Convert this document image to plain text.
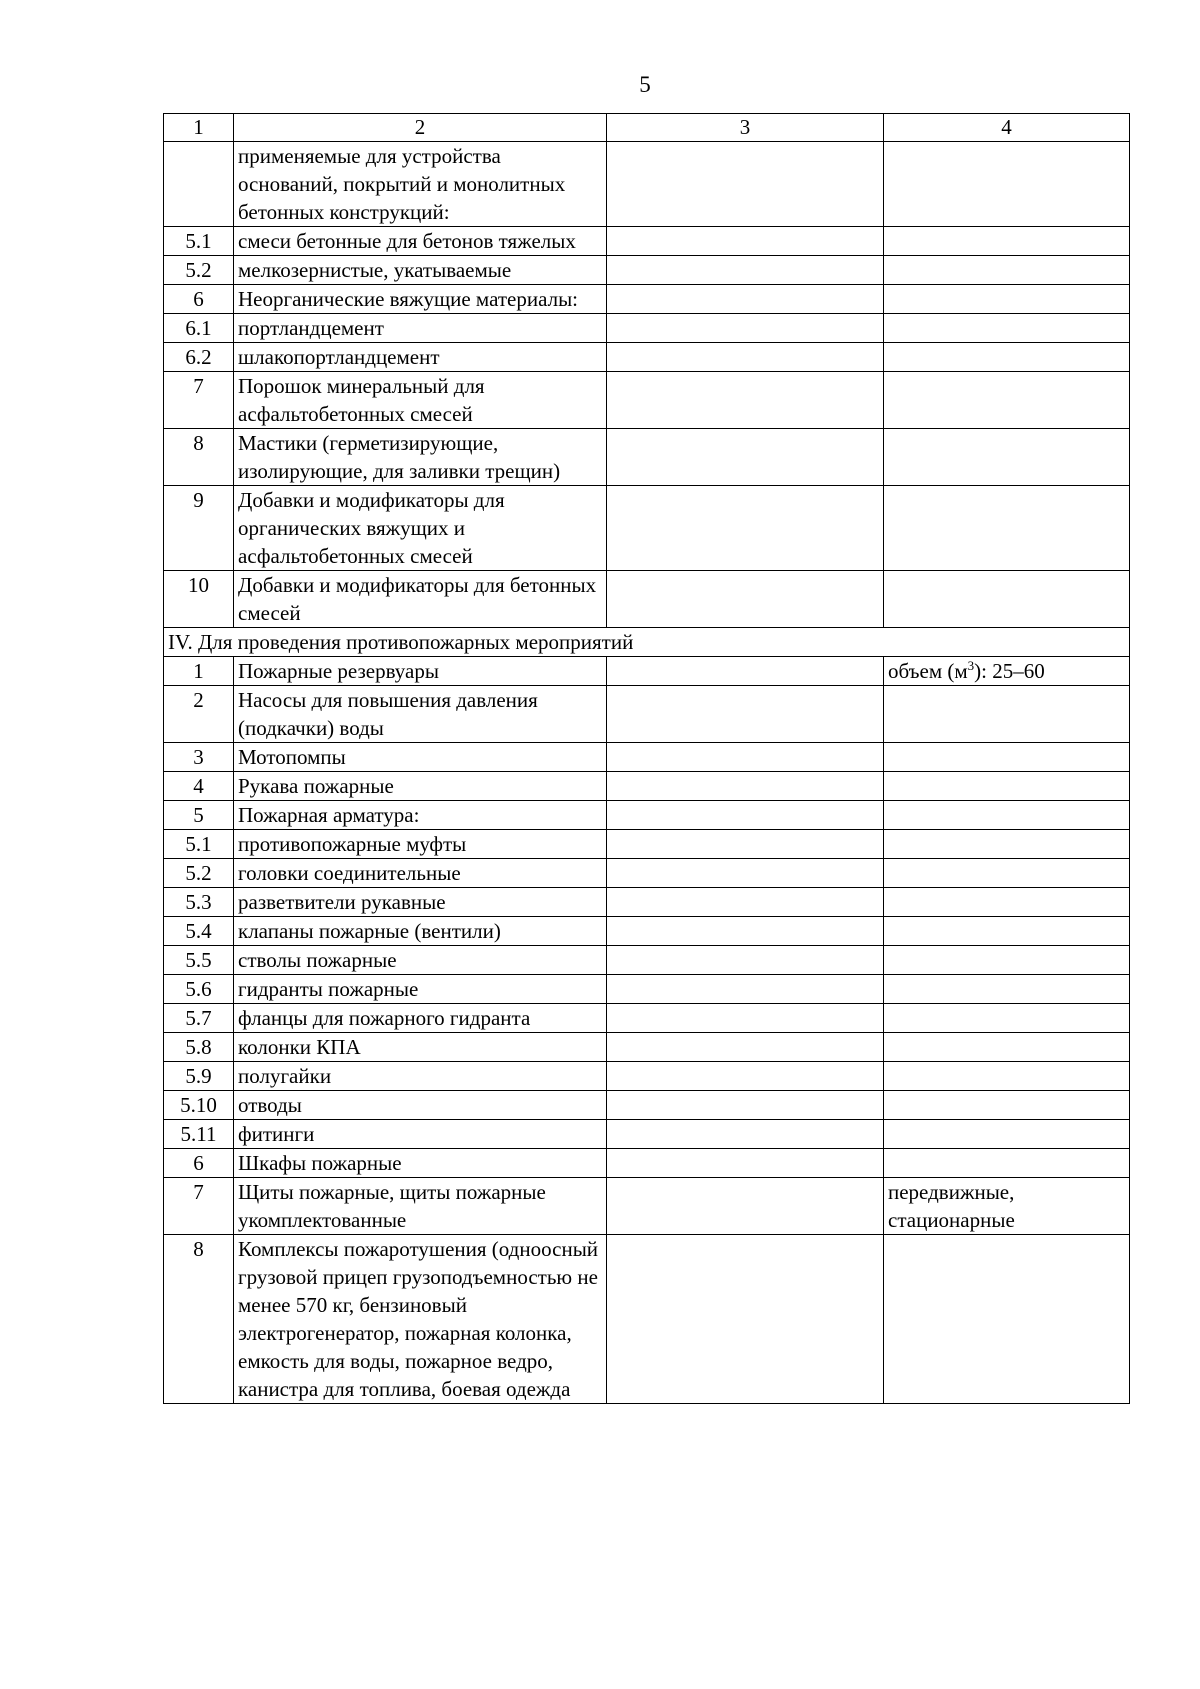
5
1	2	3	4
	применяемые для устройства оснований, покрытий и монолитных бетонных конструкций:		
5.1	смеси бетонные для бетонов тяжелых		
5.2	мелкозернистые, укатываемые		
6	Неорганические вяжущие материалы:		
6.1	портландцемент		
6.2	шлакопортландцемент		
7	Порошок минеральный для асфальтобетонных смесей		
8	Мастики (герметизирующие, изолирующие, для заливки трещин)		
9	Добавки и модификаторы для органических вяжущих и асфальтобетонных смесей		
10	Добавки и модификаторы для бетонных смесей		
IV. Для проведения противопожарных мероприятий			
1	Пожарные резервуары		объем $(м^3)$: 25–60
2	Насосы для повышения давления (подкачки) воды		
3	Мотопомпы		
4	Рукава пожарные		
5	Пожарная арматура:		
5.1	противопожарные муфты		
5.2	головки соединительные		
5.3	разветвители рукавные		
5.4	клапаны пожарные (вентили)		
5.5	стволы пожарные		
5.6	гидранты пожарные		
5.7	фланцы для пожарного гидранта		
5.8	колонки КПА		
5.9	полугайки		
5.10	отводы		
5.11	фитинги		
6	Шкафы пожарные		
7	Щиты пожарные, щиты пожарные укомплектованные		передвижные, стационарные
8	Комплексы пожаротушения (одноосный грузовой прицеп грузоподъемностью не менее 570 кг, бензиновый электрогенератор, пожарная колонка, емкость для воды, пожарное ведро, канистра для топлива, боевая одежда		
